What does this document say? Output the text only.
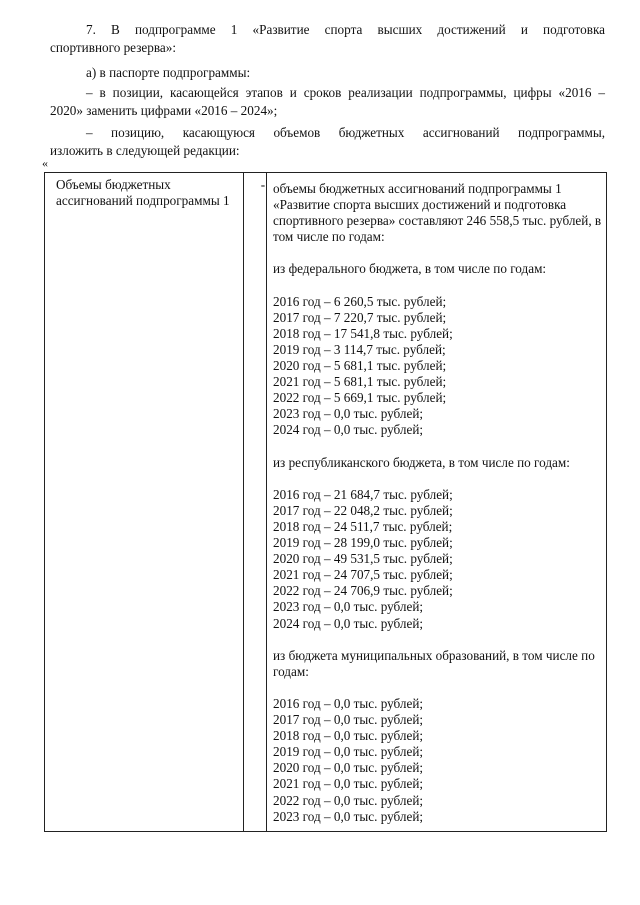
7. В подпрограмме 1 «Развитие спорта высших достижений и подготовка
спортивного резерва»:
а) в паспорте подпрограммы:
– в позиции, касающейся этапов и сроков реализации подпрограммы, цифры «2016 –
2020» заменить цифрами «2016 – 2024»;
– позицию, касающуюся объемов бюджетных ассигнований подпрограммы,
изложить в следующей редакции:
«
Объемы бюджетных ассигнований подпрограммы 1
- объемы бюджетных ассигнований подпрограммы 1 «Развитие спорта высших достижений и подготовка спортивного резерва» составляют 246 558,5 тыс. рублей, в том числе по годам:

из федерального бюджета, в том числе по годам:

2016 год – 6 260,5 тыс. рублей;

2017 год – 7 220,7 тыс. рублей;

2018 год – 17 541,8 тыс. рублей;

2019 год – 3 114,7 тыс. рублей;

2020 год – 5 681,1 тыс. рублей;

2021 год – 5 681,1 тыс. рублей;

2022 год – 5 669,1 тыс. рублей;

2023 год – 0,0 тыс. рублей;

2024 год – 0,0 тыс. рублей;

из республиканского бюджета, в том числе по годам:

2016 год – 21 684,7 тыс. рублей;

2017 год – 22 048,2 тыс. рублей;

2018 год – 24 511,7 тыс. рублей;

2019 год – 28 199,0 тыс. рублей;

2020 год – 49 531,5 тыс. рублей;

2021 год – 24 707,5 тыс. рублей;

2022 год – 24 706,9 тыс. рублей;

2023 год – 0,0 тыс. рублей;

2024 год – 0,0 тыс. рублей;

из бюджета муниципальных образований, в том числе по годам:

2016 год – 0,0 тыс. рублей;

2017 год – 0,0 тыс. рублей;

2018 год – 0,0 тыс. рублей;

2019 год – 0,0 тыс. рублей;

2020 год – 0,0 тыс. рублей;

2021 год – 0,0 тыс. рублей;

2022 год – 0,0 тыс. рублей;

2023 год – 0,0 тыс. рублей;
